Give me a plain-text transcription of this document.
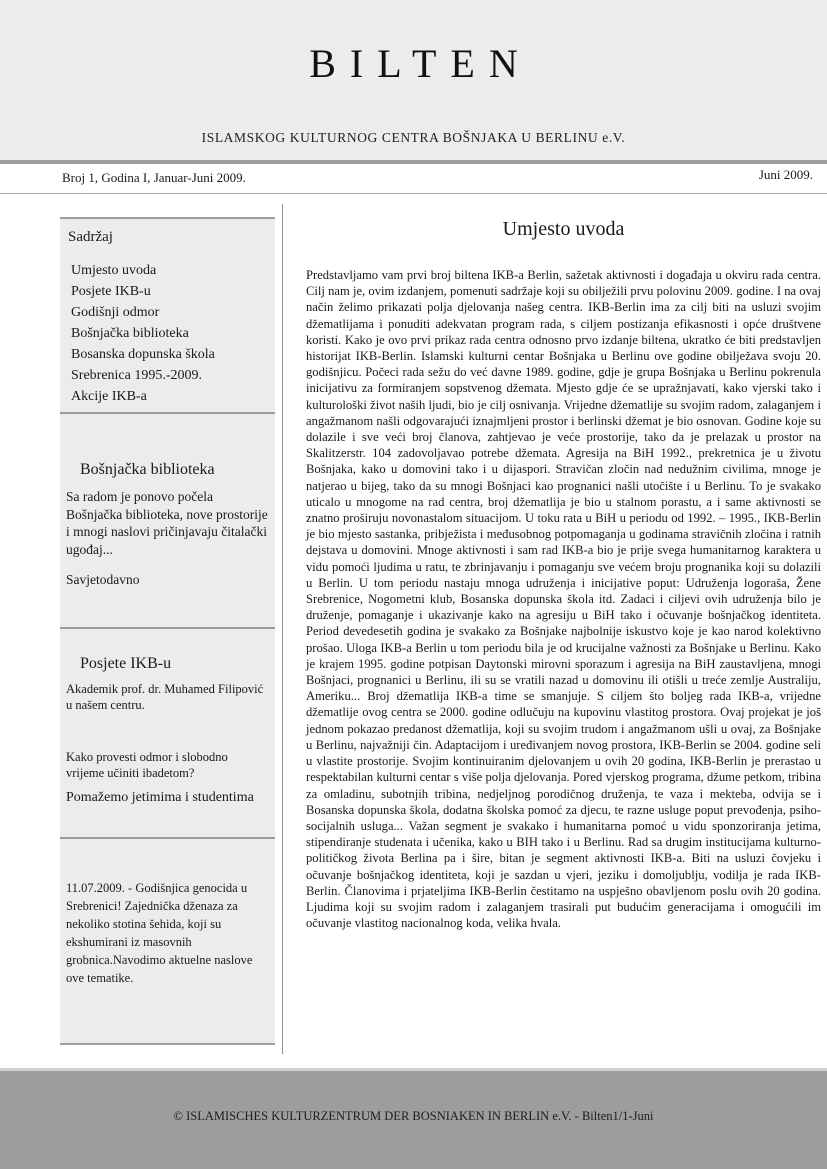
BILTEN
ISLAMSKOG KULTURNOG CENTRA BOŠNJAKA U BERLINU e.V.
Broj 1, Godina I, Januar-Juni 2009.	Juni 2009.
Sadržaj
Umjesto uvoda
Posjete IKB-u
Godišnji odmor
Bošnjačka biblioteka
Bosanska dopunska škola
Srebrenica 1995.-2009.
Akcije IKB-a
Bošnjačka biblioteka
Sa radom je ponovo počela Bošnjačka biblioteka, nove prostorije i mnogi naslovi pričinjavaju čitalački ugođaj...
Savjetodavno
Posjete IKB-u
Akademik prof. dr. Muhamed Filipović u našem centru.
Kako provesti odmor i slobodno vrijeme učiniti ibadetom?
Pomažemo jetimima i studentima
11.07.2009. - Godišnjica genocida u Srebrenici! Zajednička dženaza za nekoliko stotina šehida, koji su ekshumirani iz masovnih grobnica.Navodimo aktuelne naslove ove tematike.
Umjesto uvoda
Predstavljamo vam prvi broj biltena IKB-a Berlin, sažetak aktivnosti i događaja u okviru rada centra. Cilj nam je, ovim izdanjem, pomenuti sadržaje koji su obilježili prvu polovinu 2009. godine. I na ovaj način želimo prikazati polja djelovanja našeg centra. IKB-Berlin ima za cilj biti na usluzi svojim džematlijama i ponuditi adekvatan program rada, s ciljem postizanja efikasnosti i opće društvene koristi. Kako je ovo prvi prikaz rada centra odnosno prvo izdanje biltena, ukratko će biti predstavljen historijat IKB-Berlin. Islamski kulturni centar Bošnjaka u Berlinu ove godine obilježava svoju 20. godišnjicu. Počeci rada sežu do već davne 1989. godine, gdje je grupa Bošnjaka u Berlinu pokrenula inicijativu za formiranjem sopstvenog džemata. Mjesto gdje će se upražnjavati, kako vjerski tako i kulturološki život naših ljudi, bio je cilj osnivanja. Vrijedne džematlije su svojim radom, zalaganjem i angažmanom našli odgovarajući iznajmljeni prostor i berlinski džemat je bio osnovan. Godine koje su dolazile i sve veći broj članova, zahtjevao je veće prostorije, tako da je prelazak u prostor na Skalitzerstr. 104 zadovoljavao potrebe džemata. Agresija na BiH 1992., prekretnica je u životu Bošnjaka, kako u domovini tako i u dijaspori. Stravičan zločin nad nedužnim civilima, mnoge je natjerao u bijeg, tako da su mnogi Bošnjaci kao prognanici našli utočište i u Berlinu. To je svakako uticalo u mnogome na rad centra, broj džematlija je bio u stalnom porastu, a i same aktivnosti se znatno proširuju novonastalom situacijom. U toku rata u BiH u periodu od 1992. – 1995., IKB-Berlin je bio mjesto sastanka, pribježista i međusobnog potpomaganja u godinama stravičnih zločina i ratnih dejstava u domovini. Mnoge aktivnosti i sam rad IKB-a bio je prije svega humanitarnog karaktera u vidu pomoći ljudima u ratu, te zbrinjavanju i pomaganju sve većem broju prognanika koji su dolazili u Berlin. U tom periodu nastaju mnoga udruženja i inicijative poput: Udruženja logoraša, Žene Srebrenice, Nogometni klub, Bosanska dopunska škola itd. Zadaci i ciljevi ovih udruženja bilo je druženje, pomaganje i ukazivanje kako na agresiju u BiH tako i očuvanje bošnjačkog identiteta. Period devedesetih godina je svakako za Bošnjake najbolnije iskustvo koje je kao narod kolektivno prošao. Uloga IKB-a Berlin u tom periodu bila je od krucijalne važnosti za Bošnjake u Berlinu. Kako je krajem 1995. godine potpisan Daytonski mirovni sporazum i agresija na BiH zaustavljena, mnogi Bošnjaci, prognanici u Berlinu, ili su se vratili nazad u domovinu ili otišli u treće zemlje Australiju, Ameriku... Broj džematlija IKB-a time se smanjuje. S ciljem što boljeg rada IKB-a, vrijedne džematlije ovog centra se 2000. godine odlučuju na kupovinu vlastitog prostora. Ovaj projekat je još jednom pokazao predanost džematlija, koji su svojim trudom i angažmanom ušli u ovaj, za Bošnjake u Berlinu, najvažniji čin. Adaptacijom i uređivanjem novog prostora, IKB-Berlin se 2004. godine seli u vlastite prostorije. Svojim kontinuiranim djelovanjem u ovih 20 godina, IKB-Berlin je prerastao u respektabilan kulturni centar s više polja djelovanja. Pored vjerskog programa, džume petkom, tribina za omladinu, subotnjih tribina, nedjeljnog porodičnog druženja, te vaza i mekteba, odvija se i Bosanska dopunska škola, dodatna školska pomoć za djecu, te razne usluge poput prevođenja, psiho-socijalnih usluga... Važan segment je svakako i humanitarna pomoć u vidu sponzoriranja jetima, stipendiranje studenata i učenika, kako u BIH tako i u Berlinu. Rad sa drugim institucijama kulturno-političkog života Berlina pa i šire, bitan je segment aktivnosti IKB-a. Biti na usluzi čovjeku i očuvanje bošnjačkog identiteta, koji je sazdan u vjeri, jeziku i domoljublju, vodilja je rada IKB-Berlin. Članovima i prjateljima IKB-Berlin čestitamo na uspješno obavljenom poslu ovih 20 godina. Ljudima koji su svojim radom i zalaganjem trasirali put budućim generacijama i omogućili im očuvanje vlastitog nacionalnog koda, velika hvala.
© ISLAMISCHES KULTURZENTRUM DER BOSNIAKEN IN BERLIN e.V. - Bilten1/1-Juni
